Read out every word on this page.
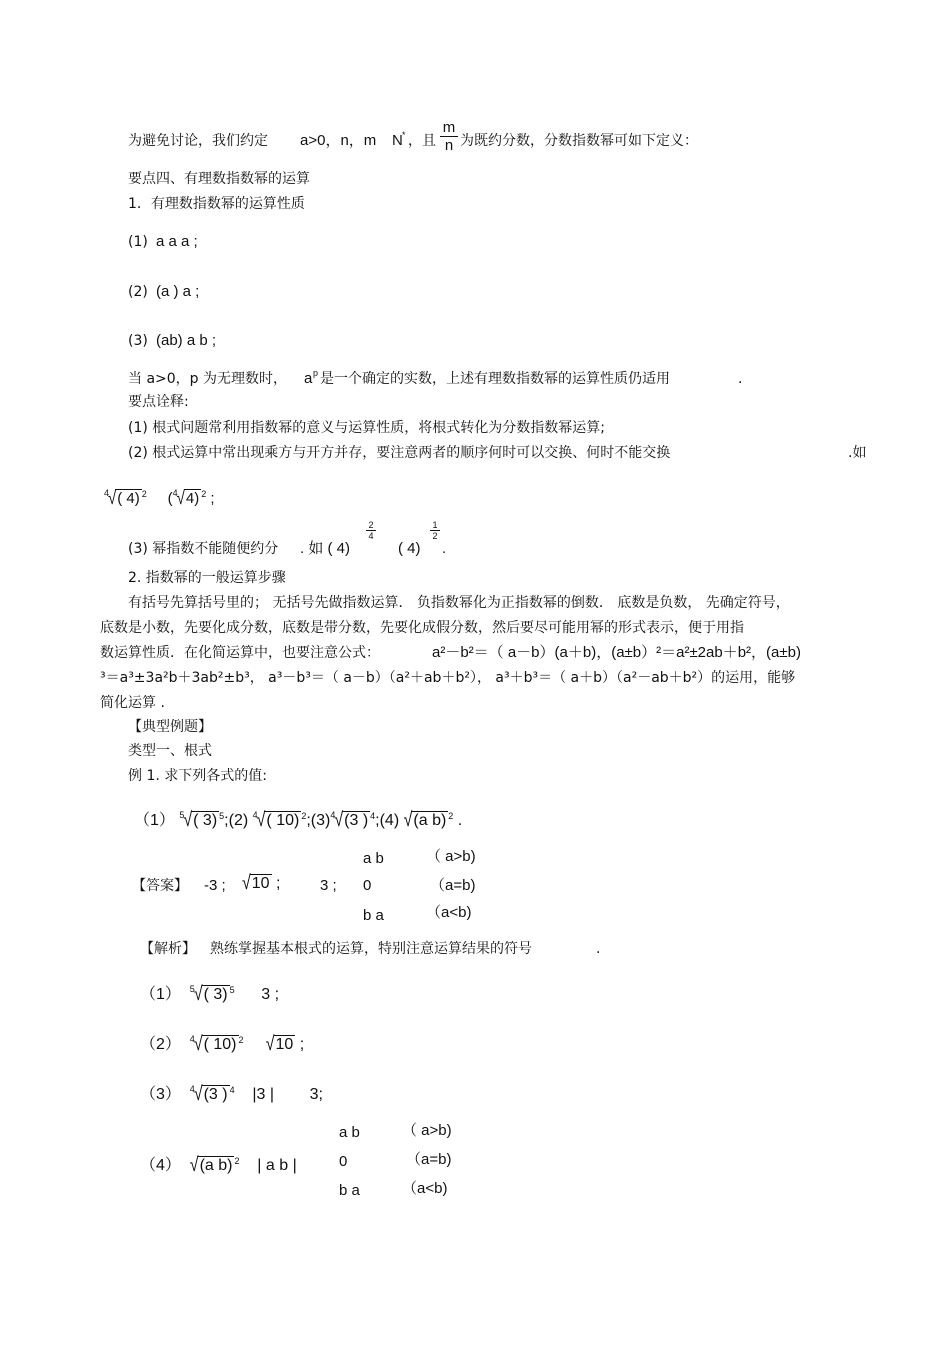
为避免讨论，我们约定 a>0，n，m N * ，且 $\frac{m}{n}$ 为既约分数，分数指数幂可如下定义：
要点四、有理数指数幂的运算
1．有理数指数幂的运算性质
(1) a a a ;
(2) (a ) a ;
(3) (ab) a b ;
当 a>0，p 为无理数时， a p 是一个确定的实数，上述有理数指数幂的运算性质仍适用	.
要点诠释:
(1) 根式问题常利用指数幂的意义与运算性质，将根式转化为分数指数幂运算;
(2) 根式运算中常出现乘方与开方并存，要注意两者的顺序何时可以交换、何时不能交换	.如
$^4$√( 4) $^2$     ($^4$√4) $^2$ ;
(3) 幂指数不能随便约分 . 如 ( 4)
$\frac{2}{4}$
( 4)
$\frac{1}{2}$
.
2. 指数幂的一般运算步骤
有括号先算括号里的； 无括号先做指数运算． 负指数幂化为正指数幂的倒数． 底数是负数， 先确定符号，
底数是小数，先要化成分数，底数是带分数，先要化成假分数，然后要尽可能用幂的形式表示，便于用指
数运算性质．在化简运算中，也要注意公式：	a²－b²＝（ a－b）(a＋b)，(a±b）²＝a²±2ab＋b²，(a±b)
³＝a³±3a²b＋3ab²±b³， a³－b³＝（ a－b）（a²＋ab＋b²）， a³＋b³＝（ a＋b）（a²－ab＋b²）的运用，能够
简化运算 .
【典型例题】
类型一、根式
例 1. 求下列各式的值:
（1） $^5$√( 3) $^5$;(2) $^4$√( 10) $^2;(3)^4√(3$ ) $^4$;(4) √(a b) $^2$ .
【答案】 -3 ; √10 ;	3 ;
a b	（ a>b)
0	（a=b)
b a	（a<b)
【解析】 熟练掌握基本根式的运算，特别注意运算结果的符号	.
（1） $^5$√( 3) $^5$ 3 ;
（2） $^4$√( 10) $^2$ √10 ;
（3） $^4$√(3 ) $^4$ |3 | 3;
（4） √(a b) $^2$ | a b |
a b	（ a>b)
0	（a=b)
b a	（a<b)
